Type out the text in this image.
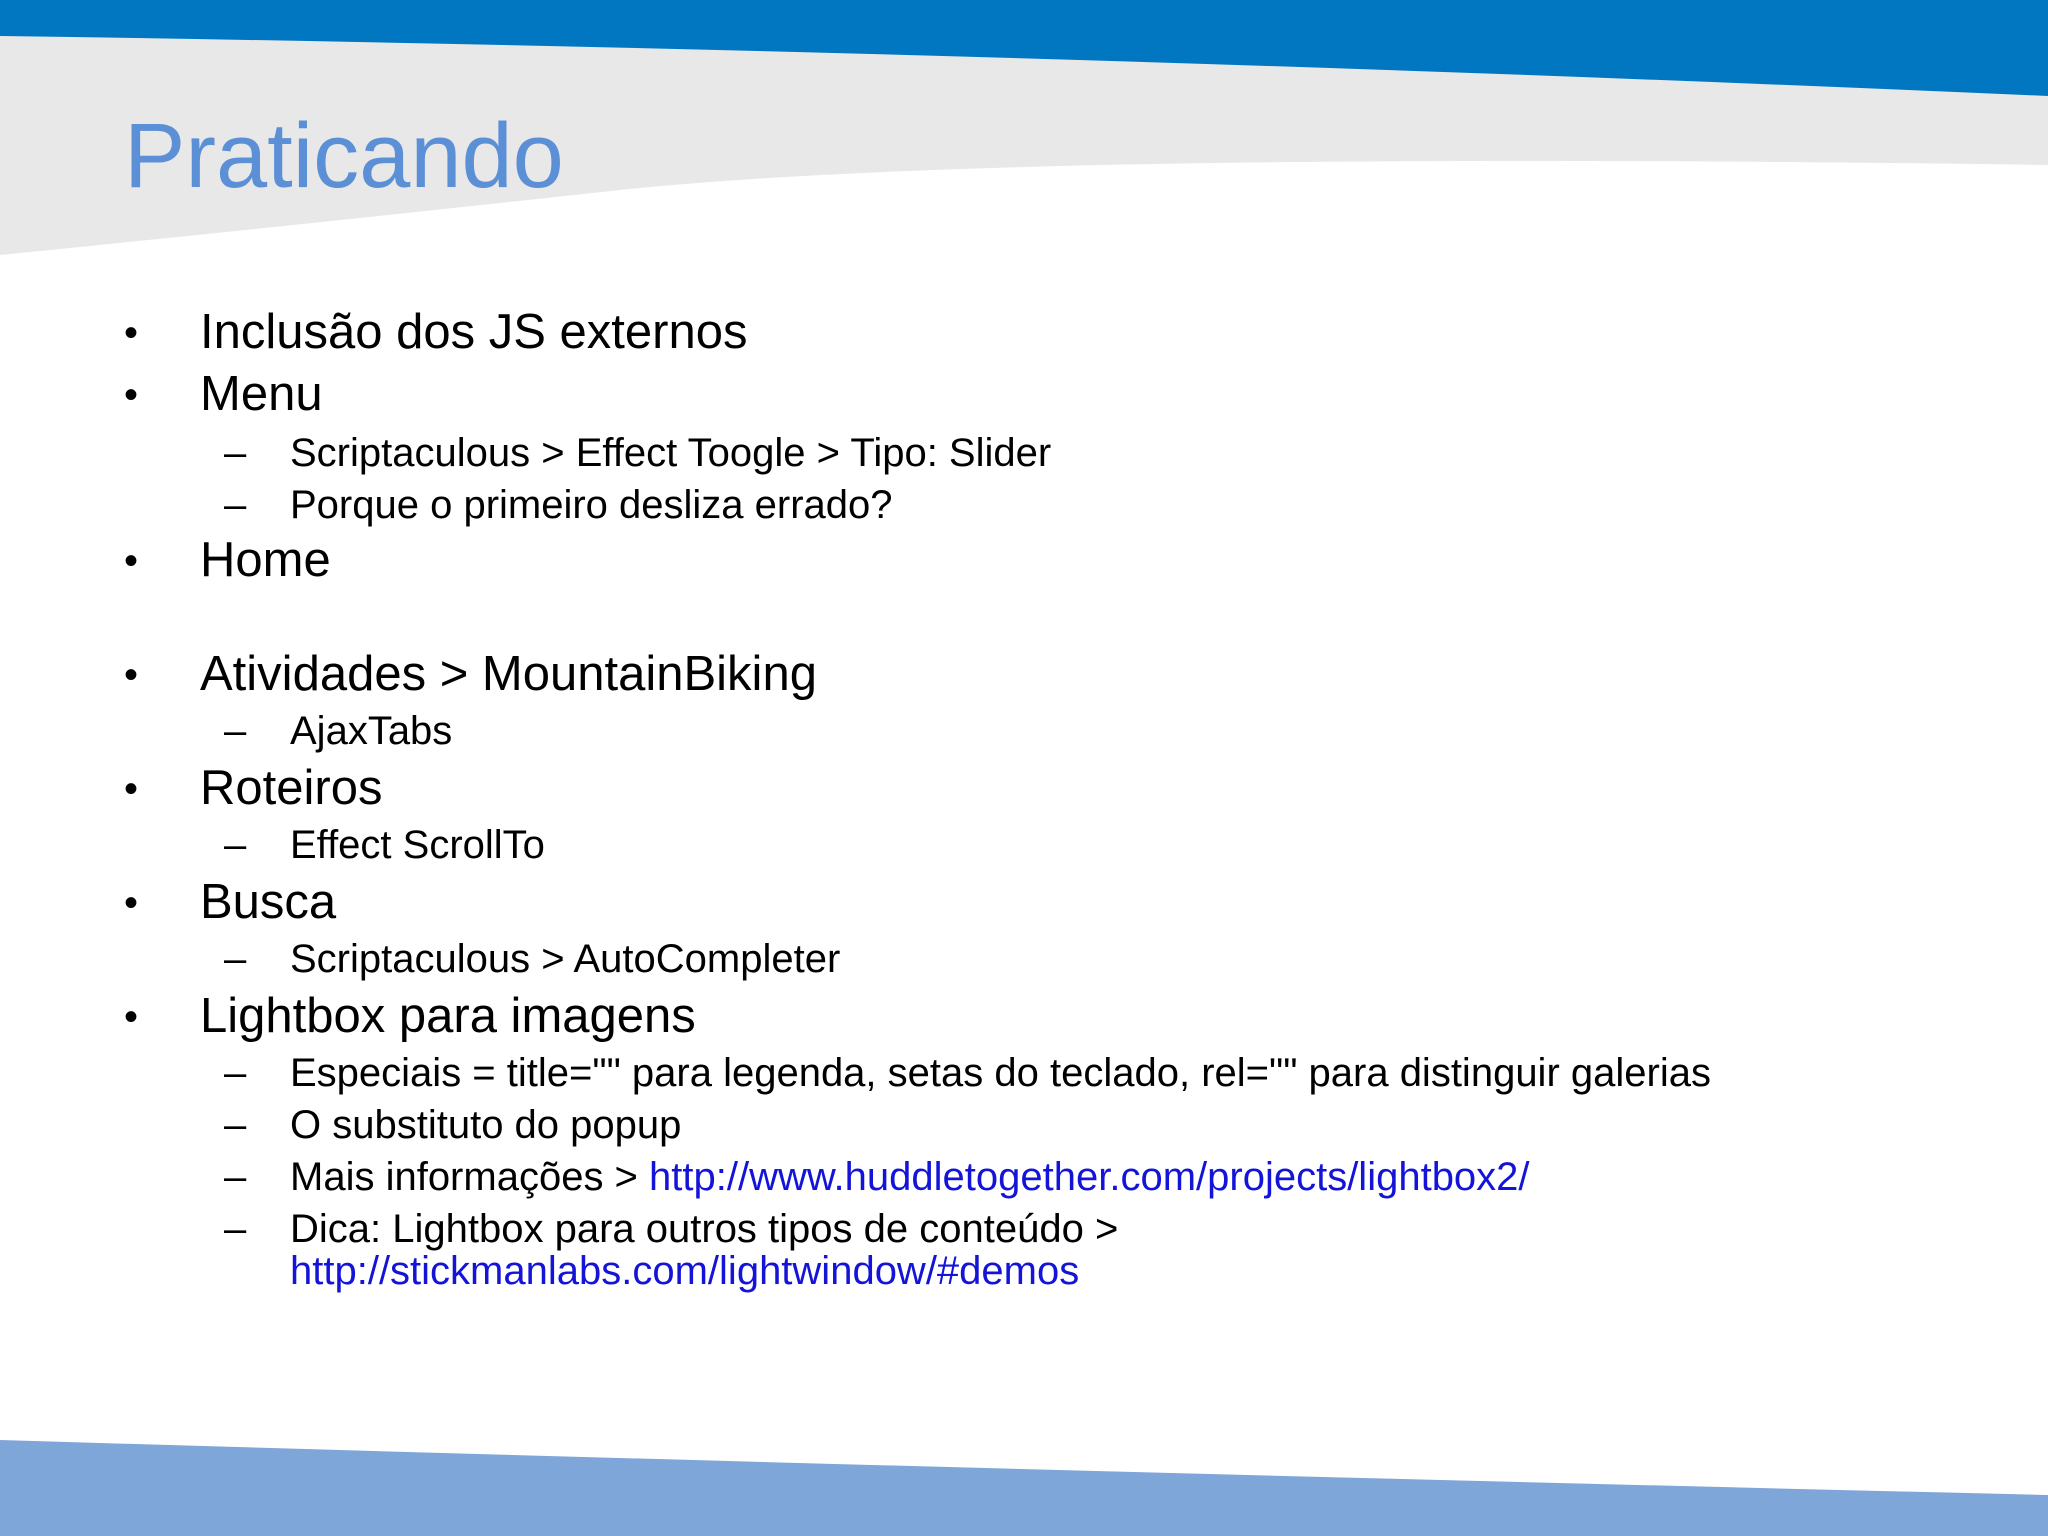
Praticando
• Inclusão dos JS externos
• Menu
– Scriptaculous > Effect Toogle > Tipo: Slider
– Porque o primeiro desliza errado?
• Home
• Atividades > MountainBiking
– AjaxTabs
• Roteiros
– Effect ScrollTo
• Busca
– Scriptaculous > AutoCompleter
• Lightbox para imagens
– Especiais = title="" para legenda, setas do teclado, rel="" para distinguir galerias
– O substituto do popup
– Mais informações > http://www.huddletogether.com/projects/lightbox2/
– Dica: Lightbox para outros tipos de conteúdo >
http://stickmanlabs.com/lightwindow/#demos
